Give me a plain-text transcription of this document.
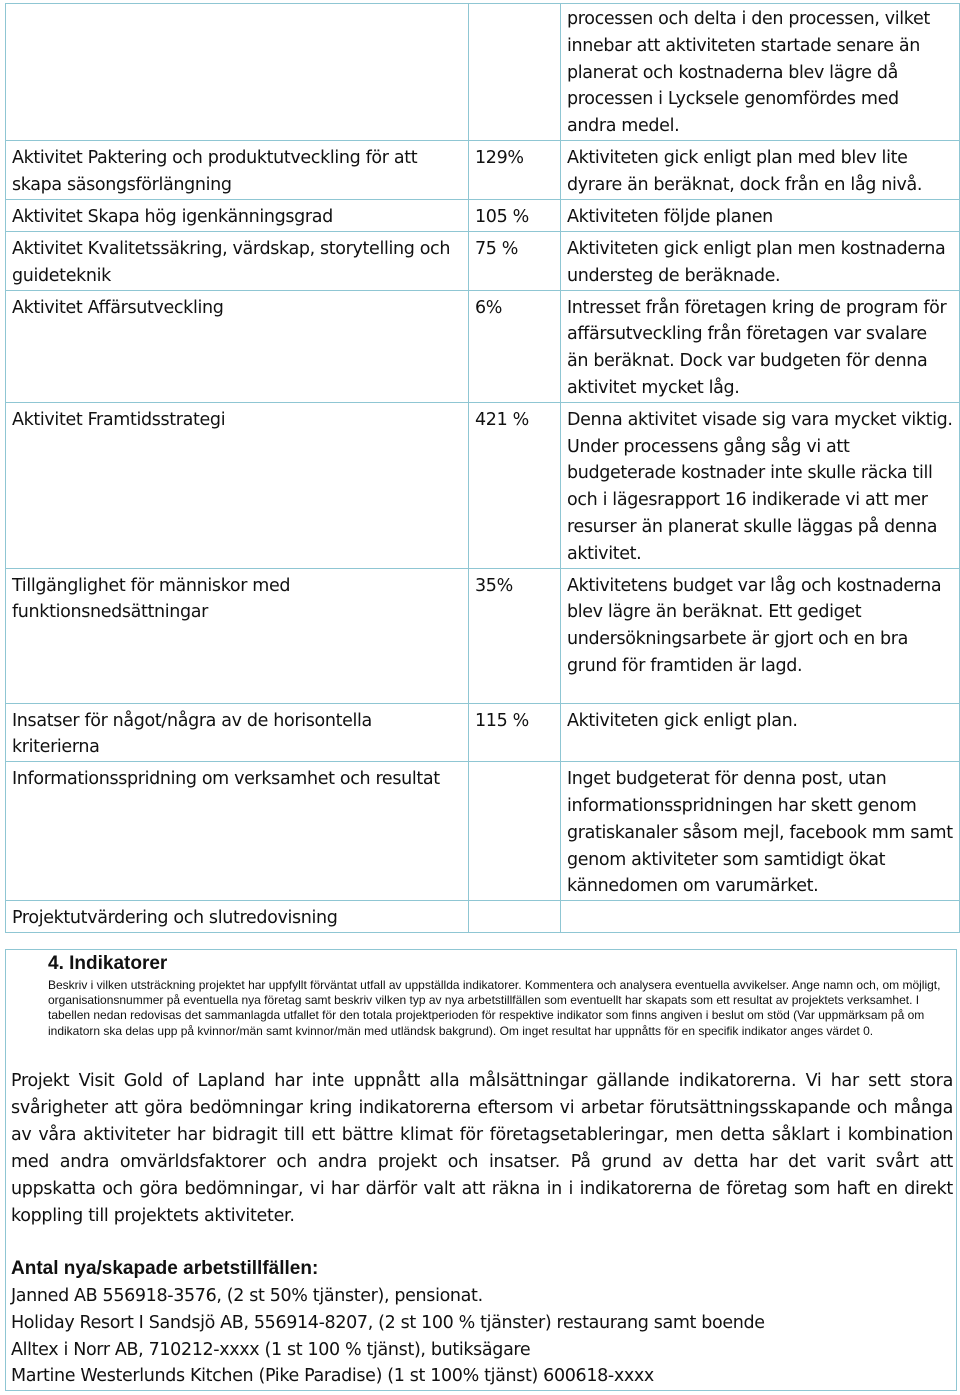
		processen och delta i den processen, vilket innebar att aktiviteten startade senare än planerat och kostnaderna blev lägre då processen i Lycksele genomfördes med andra medel.
Aktivitet Paktering och produktutveckling för att skapa säsongsförlängning	129%	Aktiviteten gick enligt plan med blev lite dyrare än beräknat, dock från en låg nivå.
Aktivitet Skapa hög igenkänningsgrad	105 %	Aktiviteten följde planen
Aktivitet Kvalitetssäkring, värdskap, storytelling och guideteknik	75 %	Aktiviteten gick enligt plan men kostnaderna understeg de beräknade.
Aktivitet Affärsutveckling	6%	Intresset från företagen kring de program för affärsutveckling från företagen var svalare än beräknat. Dock var budgeten för denna aktivitet mycket låg.
Aktivitet Framtidsstrategi	421 %	Denna aktivitet visade sig vara mycket viktig. Under processens gång såg vi att budgeterade kostnader inte skulle räcka till och i lägesrapport 16 indikerade vi att mer resurser än planerat skulle läggas på denna aktivitet.
Tillgänglighet för människor med funktionsnedsättningar	35%	Aktivitetens budget var låg och kostnaderna blev lägre än beräknat. Ett gediget undersökningsarbete är gjort och en bra grund för framtiden är lagd.
Insatser för något/några av de horisontella kriterierna	115 %	Aktiviteten gick enligt plan.
Informationsspridning om verksamhet och resultat		Inget budgeterat för denna post, utan informationsspridningen har skett genom gratiskanaler såsom mejl, facebook mm samt genom aktiviteter som samtidigt ökat kännedomen om varumärket.
Projektutvärdering och slutredovisning		
4. Indikatorer

Beskriv i vilken utsträckning projektet har uppfyllt förväntat utfall av uppställda indikatorer. Kommentera och analysera eventuella avvikelser. Ange namn och, om möjligt, organisationsnummer på eventuella nya företag samt beskriv vilken typ av nya arbetstillfällen som eventuellt har skapats som ett resultat av projektets verksamhet. I tabellen nedan redovisas det sammanlagda utfallet för den totala projektperioden för respektive indikator som finns angiven i beslut om stöd (Var uppmärksam på om indikatorn ska delas upp på kvinnor/män samt kvinnor/män med utländsk bakgrund). Om inget resultat har uppnåtts för en specifik indikator anges värdet 0.

Projekt Visit Gold of Lapland har inte uppnått alla målsättningar gällande indikatorerna. Vi har sett stora svårigheter att göra bedömningar kring indikatorerna eftersom vi arbetar förutsättningsskapande och många av våra aktiviteter har bidragit till ett bättre klimat för företagsetableringar, men detta såklart i kombination med andra omvärldsfaktorer och andra projekt och insatser. På grund av detta har det varit svårt att uppskatta och göra bedömningar, vi har därför valt att räkna in i indikatorerna de företag som haft en direkt koppling till projektets aktiviteter.

Antal nya/skapade arbetstillfällen:
Janned AB 556918-3576, (2 st 50% tjänster), pensionat.
Holiday Resort I Sandsjö AB, 556914-8207, (2 st 100 % tjänster) restaurang samt boende
Alltex i Norr AB, 710212-xxxx (1 st 100 % tjänst), butiksägare
Martine Westerlunds Kitchen (Pike Paradise) (1 st 100% tjänst) 600618-xxxx
